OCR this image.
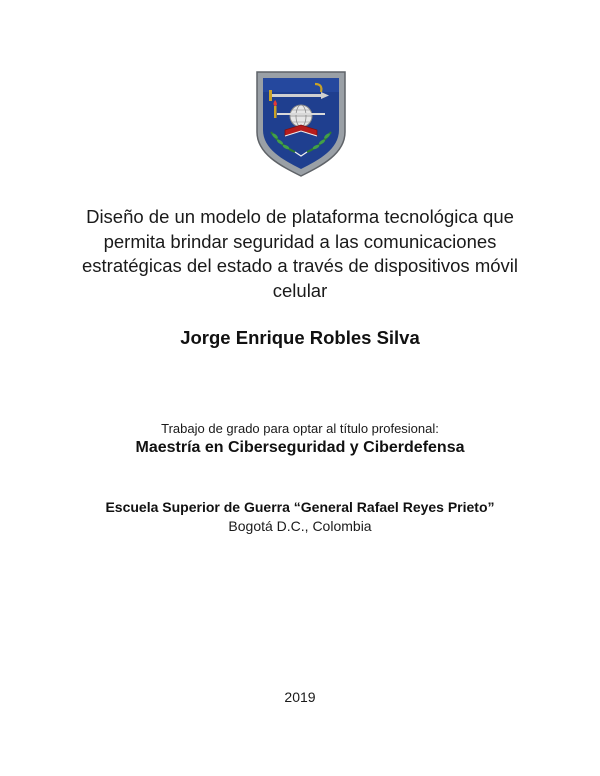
Diseño de un modelo de plataforma tecnológica que
permita brindar seguridad a las comunicaciones
estratégicas del estado a través de dispositivos móvil
celular
Jorge Enrique Robles Silva
Trabajo de grado para optar al título profesional:
Maestría en Ciberseguridad y Ciberdefensa
Escuela Superior de Guerra “General Rafael Reyes Prieto”
Bogotá D.C., Colombia
2019
